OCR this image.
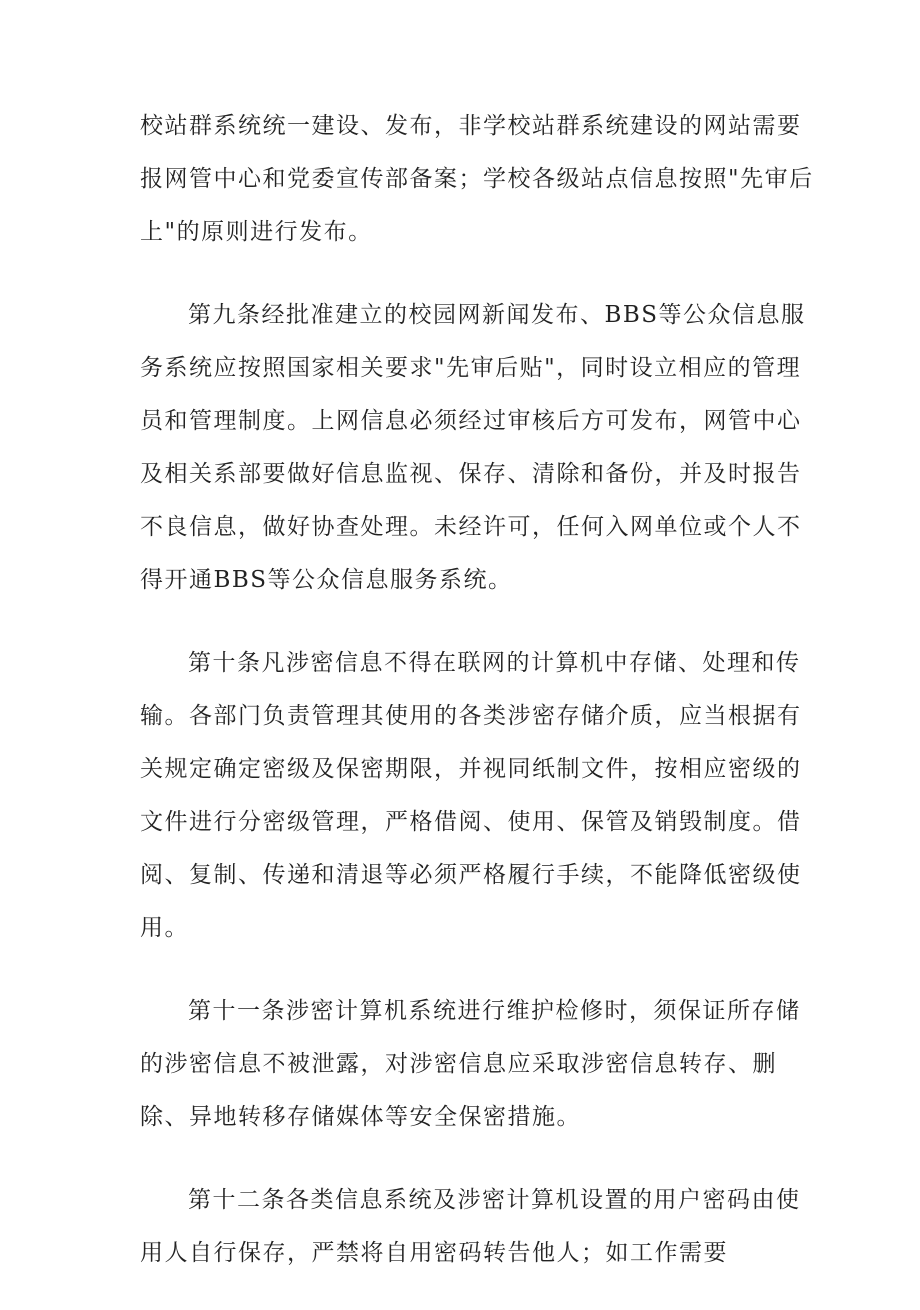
校站群系统统一建设、发布，非学校站群系统建设的网站需要
报网管中心和党委宣传部备案；学校各级站点信息按照"先审后
上"的原则进行发布。
第九条经批准建立的校园网新闻发布、BBS等公众信息服
务系统应按照国家相关要求"先审后贴"，同时设立相应的管理
员和管理制度。上网信息必须经过审核后方可发布，网管中心
及相关系部要做好信息监视、保存、清除和备份，并及时报告
不良信息，做好协查处理。未经许可，任何入网单位或个人不
得开通BBS等公众信息服务系统。
第十条凡涉密信息不得在联网的计算机中存储、处理和传
输。各部门负责管理其使用的各类涉密存储介质，应当根据有
关规定确定密级及保密期限，并视同纸制文件，按相应密级的
文件进行分密级管理，严格借阅、使用、保管及销毁制度。借
阅、复制、传递和清退等必须严格履行手续，不能降低密级使
用。
第十一条涉密计算机系统进行维护检修时，须保证所存储
的涉密信息不被泄露，对涉密信息应采取涉密信息转存、删
除、异地转移存储媒体等安全保密措施。
第十二条各类信息系统及涉密计算机设置的用户密码由使
用人自行保存，严禁将自用密码转告他人；如工作需要
